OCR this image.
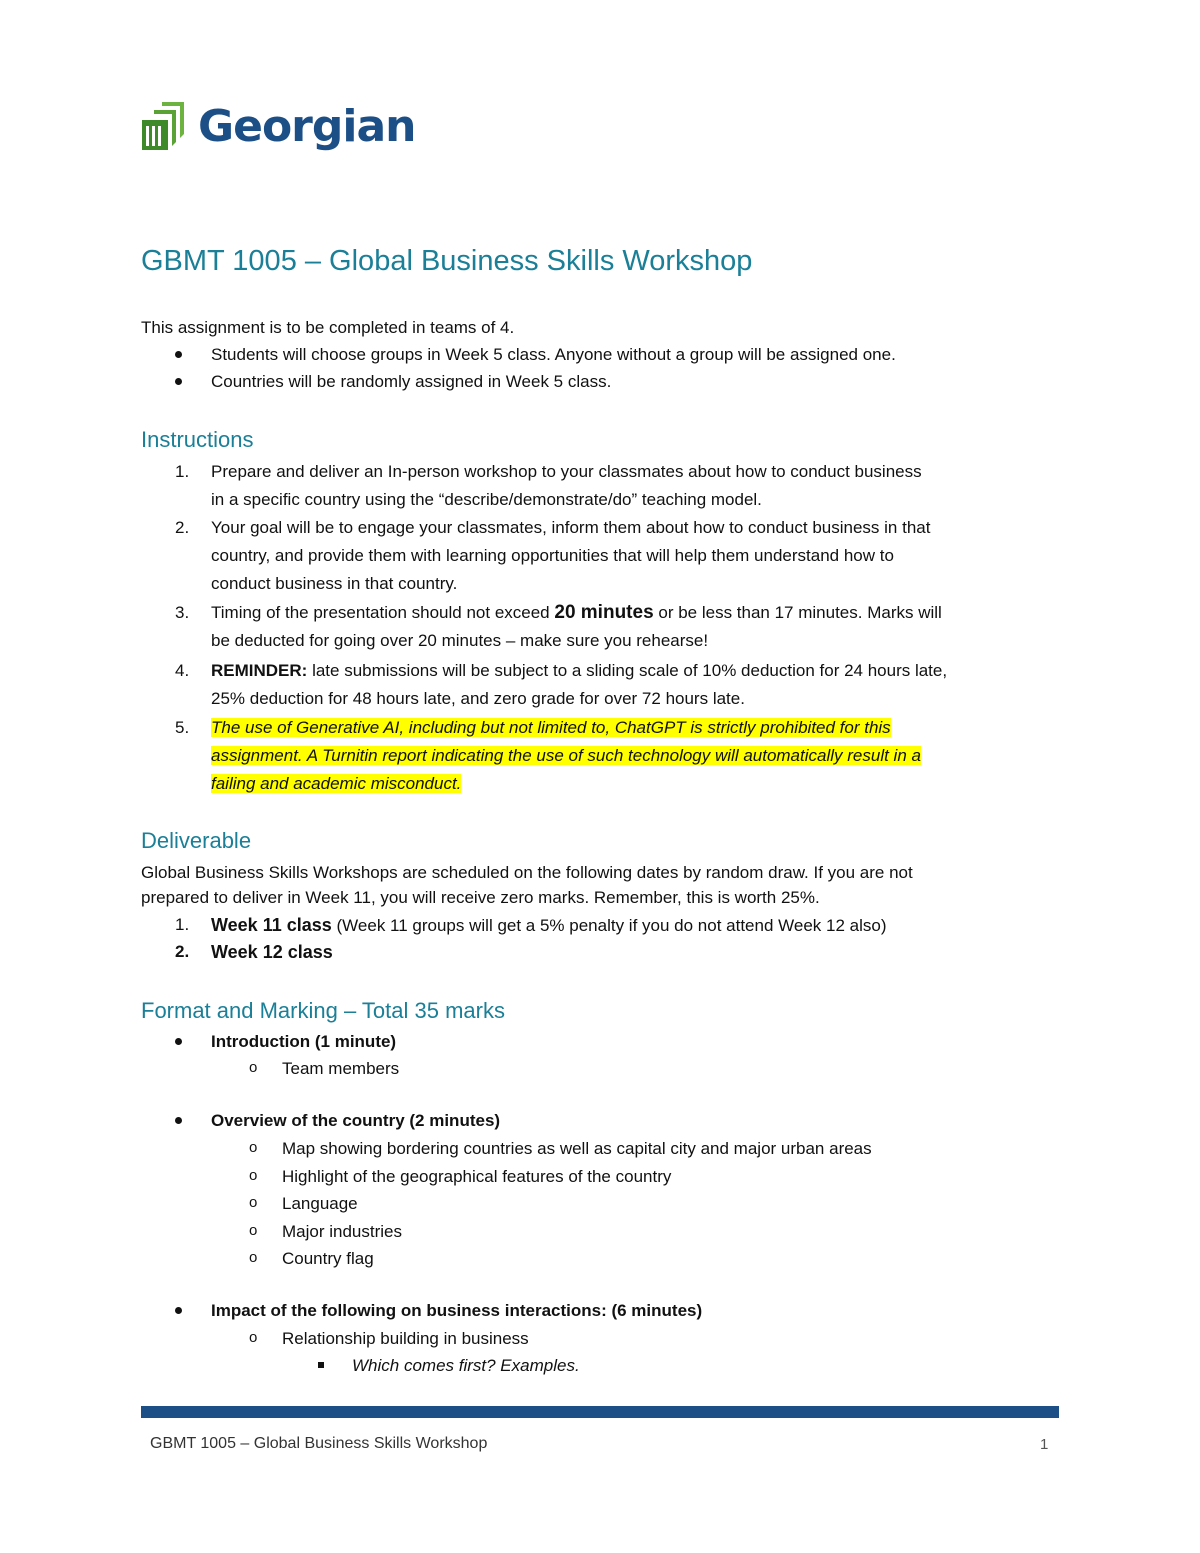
Georgian
GBMT 1005 – Global Business Skills Workshop
This assignment is to be completed in teams of 4.
Students will choose groups in Week 5 class. Anyone without a group will be assigned one.
Countries will be randomly assigned in Week 5 class.
Instructions
1. Prepare and deliver an In-person workshop to your classmates about how to conduct business
in a specific country using the “describe/demonstrate/do” teaching model.
2. Your goal will be to engage your classmates, inform them about how to conduct business in that
country, and provide them with learning opportunities that will help them understand how to
conduct business in that country.
3. Timing of the presentation should not exceed 20 minutes or be less than 17 minutes. Marks will
be deducted for going over 20 minutes – make sure you rehearse!
4. REMINDER: late submissions will be subject to a sliding scale of 10% deduction for 24 hours late,
25% deduction for 48 hours late, and zero grade for over 72 hours late.
5. The use of Generative AI, including but not limited to, ChatGPT is strictly prohibited for this
assignment. A Turnitin report indicating the use of such technology will automatically result in a
failing and academic misconduct.
Deliverable
Global Business Skills Workshops are scheduled on the following dates by random draw. If you are not
prepared to deliver in Week 11, you will receive zero marks. Remember, this is worth 25%.
1. Week 11 class (Week 11 groups will get a 5% penalty if you do not attend Week 12 also)
2. Week 12 class
Format and Marking – Total 35 marks
Introduction (1 minute)
o Team members
Overview of the country (2 minutes)
o Map showing bordering countries as well as capital city and major urban areas
o Highlight of the geographical features of the country
o Language
o Major industries
o Country flag
Impact of the following on business interactions: (6 minutes)
o Relationship building in business
Which comes first? Examples.
GBMT 1005 – Global Business Skills Workshop	1
